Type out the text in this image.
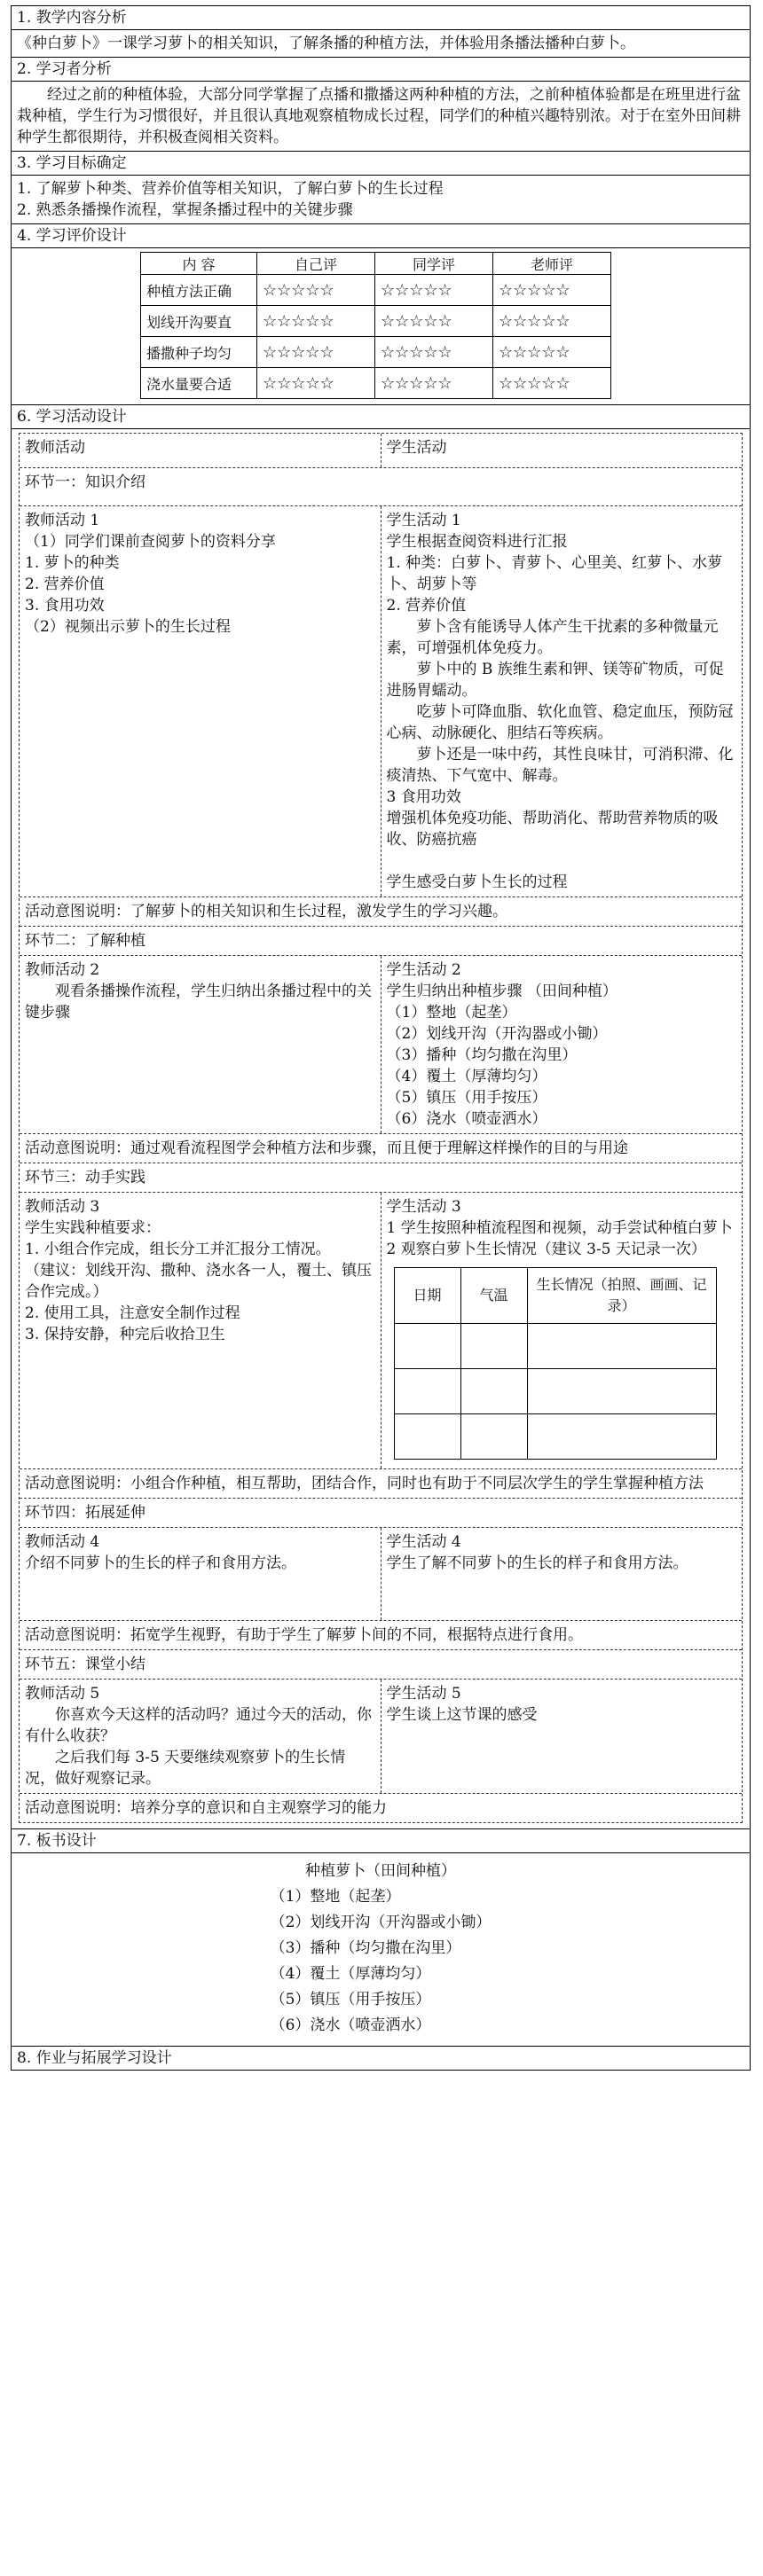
1. 教学内容分析

《种白萝卜》一课学习萝卜的相关知识，了解条播的种植方法，并体验用条播法播种白萝卜。

2. 学习者分析

经过之前的种植体验，大部分同学掌握了点播和撒播这两种种植的方法，之前种植体验都是在班里进行盆栽种植，学生行为习惯很好，并且很认真地观察植物成长过程，同学们的种植兴趣特别浓。对于在室外田间耕种学生都很期待，并积极查阅相关资料。

3. 学习目标确定

1. 了解萝卜种类、营养价值等相关知识，了解白萝卜的生长过程

2. 熟悉条播操作流程，掌握条播过程中的关键步骤

4. 学习评价设计
内 容	自己评	同学评	老师评
种植方法正确	☆☆☆☆☆	☆☆☆☆☆	☆☆☆☆☆
划线开沟要直	☆☆☆☆☆	☆☆☆☆☆	☆☆☆☆☆
播撒种子均匀	☆☆☆☆☆	☆☆☆☆☆	☆☆☆☆☆
浇水量要合适	☆☆☆☆☆	☆☆☆☆☆	☆☆☆☆☆
6. 学习活动设计
教师活动	学生活动
环节一：知识介绍
教师活动 1
（1）同学们课前查阅萝卜的资料分享
1. 萝卜的种类
2. 营养价值
3. 食用功效
（2）视频出示萝卜的生长过程
学生活动 1
学生根据查阅资料进行汇报
1. 种类：白萝卜、青萝卜、心里美、红萝卜、水萝卜、胡萝卜等
2. 营养价值
萝卜含有能诱导人体产生干扰素的多种微量元素，可增强机体免疫力。
萝卜中的 B 族维生素和钾、镁等矿物质，可促进肠胃蠕动。
吃萝卜可降血脂、软化血管、稳定血压，预防冠心病、动脉硬化、胆结石等疾病。
萝卜还是一味中药，其性良味甘，可消积滞、化痰清热、下气宽中、解毒。
3 食用功效
增强机体免疫功能、帮助消化、帮助营养物质的吸收、防癌抗癌
学生感受白萝卜生长的过程
活动意图说明：了解萝卜的相关知识和生长过程，激发学生的学习兴趣。
环节二：了解种植
教师活动 2
观看条播操作流程，学生归纳出条播过程中的关键步骤
学生活动 2
学生归纳出种植步骤 （田间种植）
（1）整地（起垄）
（2）划线开沟（开沟器或小锄）
（3）播种（均匀撒在沟里）
（4）覆土（厚薄均匀）
（5）镇压（用手按压）
（6）浇水（喷壶洒水）
活动意图说明：通过观看流程图学会种植方法和步骤，而且便于理解这样操作的目的与用途
环节三：动手实践
教师活动 3
学生实践种植要求：
1. 小组合作完成，组长分工并汇报分工情况。
（建议：划线开沟、撒种、浇水各一人，覆土、镇压合作完成。）
2. 使用工具，注意安全制作过程
3. 保持安静，种完后收拾卫生
学生活动 3
1 学生按照种植流程图和视频，动手尝试种植白萝卜
2 观察白萝卜生长情况（建议 3-5 天记录一次）
日期	气温	生长情况（拍照、画画、记录）

活动意图说明：小组合作种植，相互帮助，团结合作，同时也有助于不同层次学生的学生掌握种植方法
环节四：拓展延伸
教师活动 4
介绍不同萝卜的生长的样子和食用方法。
学生活动 4
学生了解不同萝卜的生长的样子和食用方法。
活动意图说明：拓宽学生视野，有助于学生了解萝卜间的不同，根据特点进行食用。
环节五：课堂小结
教师活动 5
你喜欢今天这样的活动吗？通过今天的活动，你有什么收获？
之后我们每 3-5 天要继续观察萝卜的生长情况，做好观察记录。
学生活动 5
学生谈上这节课的感受
活动意图说明：培养分享的意识和自主观察学习的能力
7. 板书设计
种植萝卜（田间种植）
（1）整地（起垄）
（2）划线开沟（开沟器或小锄）
（3）播种（均匀撒在沟里）
（4）覆土（厚薄均匀）
（5）镇压（用手按压）
（6）浇水（喷壶洒水）
8. 作业与拓展学习设计
